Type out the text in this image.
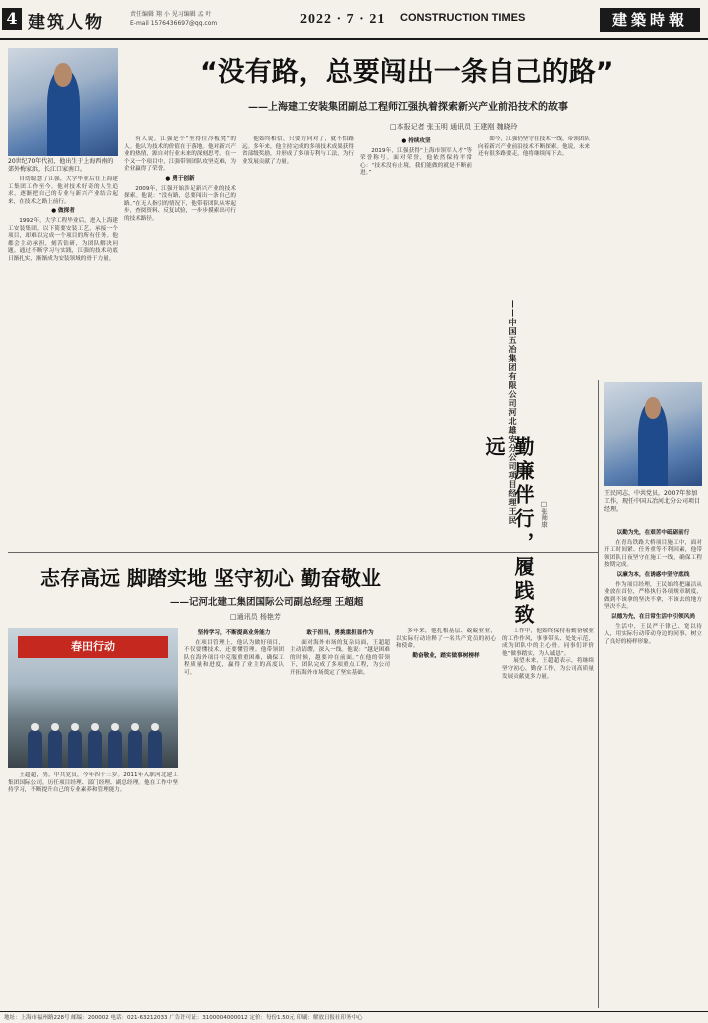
4 建筑人物	责任编辑 翔 小 见习编辑 孟 叶
E-mail 1576436697@qq.com	2022 · 7 · 21 CONSTRUCTION TIMES	建築時報
20世纪70年代初，他出生于上海西南的郊外梅家浜，长江口家南口。
“没有路，总要闯出一条自己的路”
——上海建工安装集团副总工程师江强执着探索新兴产业前沿技术的故事
□本报记者 张玉明 通讯员 王建刚 魏晓玲

自幼聪慧了江强，大学毕业后在上海建工集团工作至今。他对技术好奇的人生追求，逐渐把自己的专业与新兴产业结合起来，在技术之路上前行。

● 做探者

1992年，大学工程毕业后，进入上海建工安装集团。以下简要安装工艺，承接一个项目，却难以完成一个项目的所有任务。他都会主动承担，刻苦钻研，为团队解决问题。通过不断学习与实践，江强的技术功底日渐扎实，渐渐成为安装领域的骨干力量。

有人说，江强是个“坐得住冷板凳”的人。他认为技术的价值在于落地。他对新兴产业的热情，源自对行业未来的深刻思考。在一个又一个项目中，江强带领团队攻坚克难，为企业赢得了荣誉。

● 勇于创新

2009年，江强开始涉足新兴产业的技术探索。他说：“没有路，总要闯出一条自己的路。”在无人指引的情况下，他带着团队从零起步，查阅资料、反复试验，一步步摸索出可行的技术路径。

他始终相信，只要方向对了，就不怕路远。多年来，他主持完成的多项技术成果获得省部级奖励，并形成了多项专利与工法，为行业发展贡献了力量。

● 持续攻坚

2019年，江强获得“上海市领军人才”等荣誉称号。面对荣誉，他依然保持平常心：“技术没有止境，我们能做的就是不断前进。”

如今，江强仍坚守在技术一线，带领团队向着新兴产业前沿技术不断探索。他说，未来还有很多路要走，他将继续闯下去。

王民同志，中共党员，2007年参加工作，现任中国五冶河北分公司项目经理。
勤廉伴行，履践致远 ——中国五冶集团有限公司河北雄安分公司项目经理王民	□张帅康
以勤为先，在艰苦中砥砺前行

在青岛铁路大桥项目施工中，面对开工时间紧、任务重等不利因素，他带领团队日夜坚守在施工一线，确保工程按期完成。

以廉为本，在诱惑中坚守底线

作为项目经理，王民始终把廉洁从业放在首位，严格执行各项规章制度，做到不该拿的坚决不拿，不该去的地方坚决不去。

以德为先，在日常生活中引领风尚

生活中，王民严于律己、宽以待人，用实际行动带动身边的同事，树立了良好的榜样形象。

志存高远 脚踏实地 坚守初心 勤奋敬业
——记河北建工集团国际公司副总经理 王超超
□通讯员 杨艳芳
春田行动

王超超，男，中共党员，今年四十三岁。2011年入职河北建工集团国际公司，历任项目经理、部门经理、副总经理。他在工作中坚持学习，不断提升自己的专业素养和管理能力。

坚持学习，不断提高业务能力

在项目管理上，他认为做好项目，不仅要懂技术，还要懂管理。他带领团队在海外项目中克服重重困难，确保工程质量和进度，赢得了业主的高度认可。

敢于担当，勇挑重担显作为

面对海外市场的复杂局面，王超超主动请缨，深入一线。他说：“越是困难的时候，越要冲在前面。”在他的带领下，团队完成了多项重点工程，为公司开拓海外市场奠定了坚实基础。

多年来，他扎根基层、兢兢业业，以实际行动诠释了一名共产党员的初心和使命。

勤奋敬业，踏实做事树榜样

工作中，他始终保持着勤奋敬业的工作作风，事事带头、处处示范，成为团队中的主心骨。同事们评价他“做事踏实，为人诚恳”。

展望未来，王超超表示，将继续坚守初心，勤奋工作，为公司高质量发展贡献更多力量。

地址：上海市福州路228号 邮编：200002 电话：021-63212033 广告许可证：3100004000012 定价：每份1.50元 印刷：解放日报社印务中心
